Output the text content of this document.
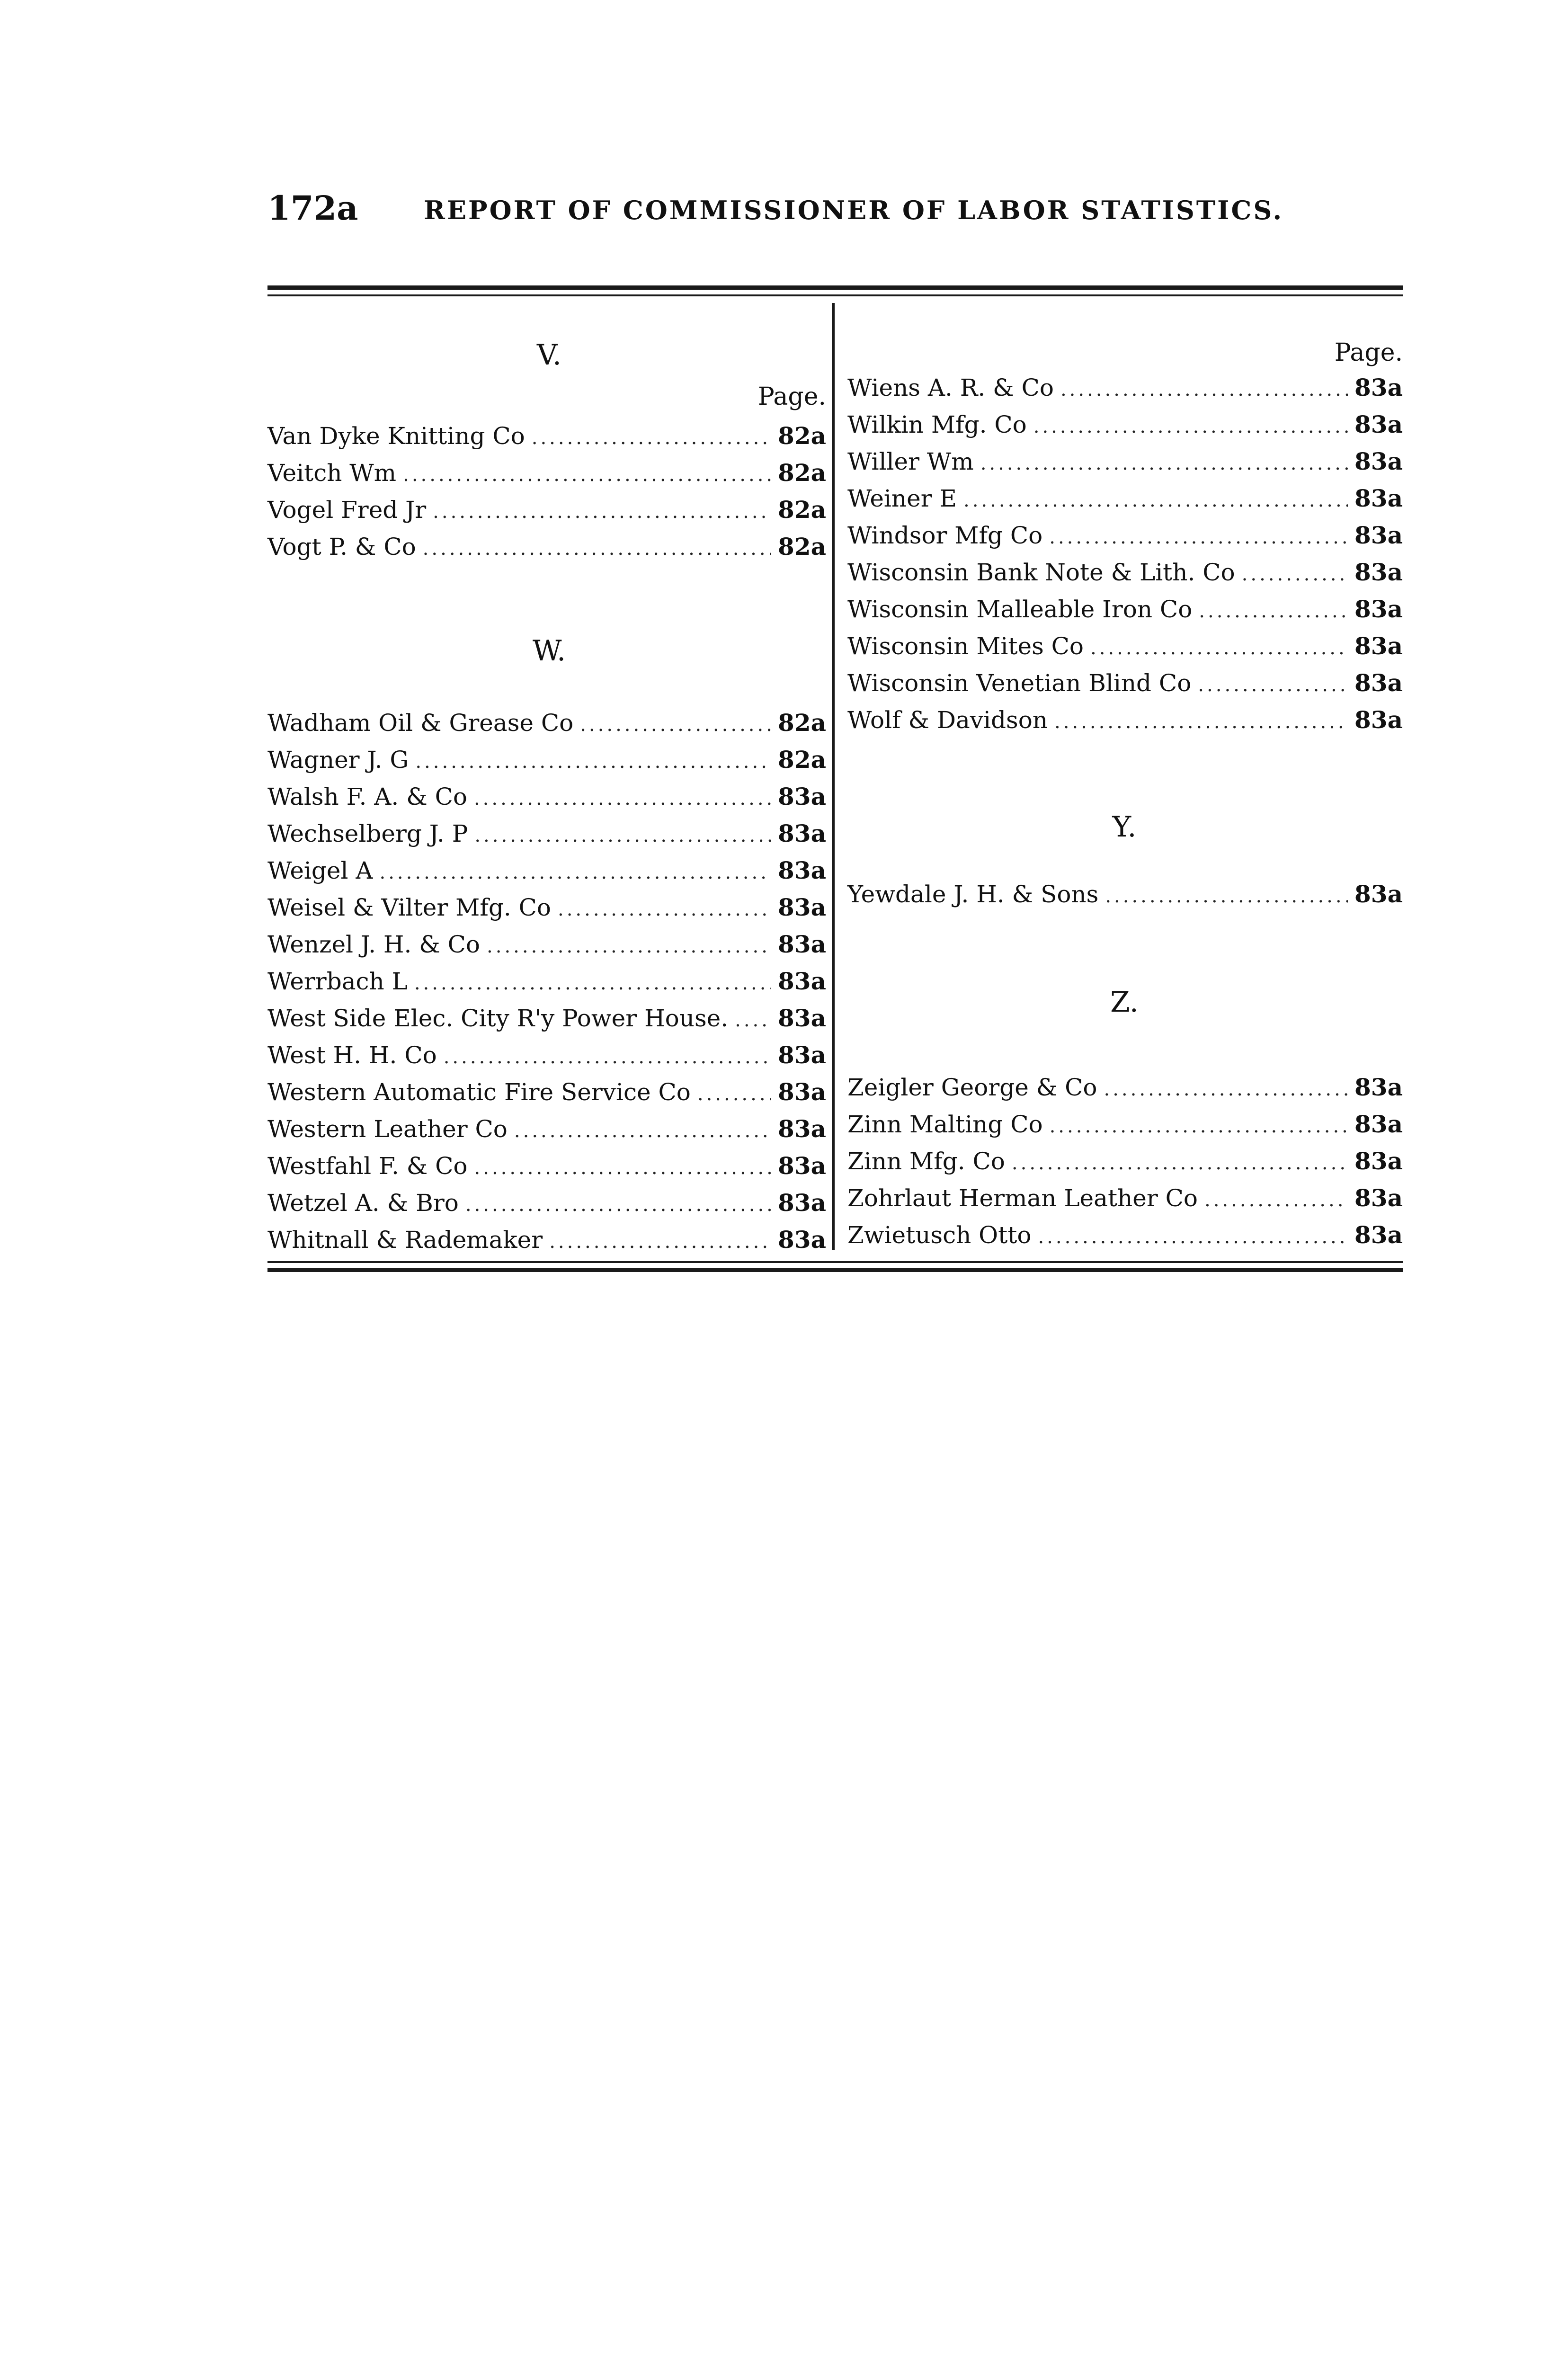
172a	REPORT OF COMMISSIONER OF LABOR STATISTICS.
V.
Page.
Van Dyke Knitting Co .....	82a
Veitch Wm .....	82a
Vogel Fred Jr .....	82a
Vogt P. & Co .....	82a
W.
Wadham Oil & Grease Co .....	82a
Wagner J. G .....	82a
Walsh F. A. & Co .....	83a
Wechselberg J. P .....	83a
Weigel A .....	83a
Weisel & Vilter Mfg. Co .....	83a
Wenzel J. H. & Co .....	83a
Werrbach L .....	83a
West Side Elec. City R'y Power House. ..... 83a
West H. H. Co .....	83a
Western Automatic Fire Service Co .....	83a
Western Leather Co .....	83a
Westfahl F. & Co .....	83a
Wetzel A. & Bro .....	83a
Whitnall & Rademaker .....	83a
Page.
Wiens A. R. & Co .....	83a
Wilkin Mfg. Co .....	83a
Willer Wm .....	83a
Weiner E .....	83a
Windsor Mfg Co .....	83a
Wisconsin Bank Note & Lith. Co .....	83a
Wisconsin Malleable Iron Co .....	83a
Wisconsin Mites Co .....	83a
Wisconsin Venetian Blind Co .....	83a
Wolf & Davidson .....	83a
Y.
Yewdale J. H. & Sons .....	83a
Z.
Zeigler George & Co .....	83a
Zinn Malting Co .....	83a
Zinn Mfg. Co .....	83a
Zohrlaut Herman Leather Co .....	83a
Zwietusch Otto .....	83a
